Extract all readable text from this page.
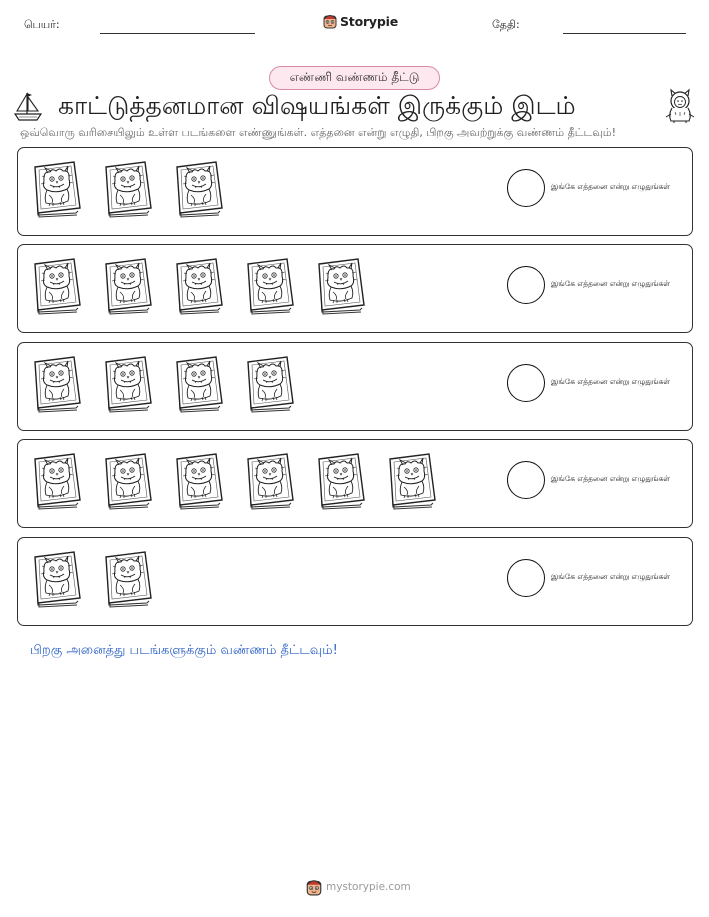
பெயர்:	Storypie	தேதி:
எண்ணி வண்ணம் தீட்டு
காட்டுத்தனமான விஷயங்கள் இருக்கும் இடம்
ஒவ்வொரு வரிசையிலும் உள்ள படங்களை எண்ணுங்கள். எத்தனை என்று எழுதி, பிறகு அவற்றுக்கு வண்ணம் தீட்டவும்!
இங்கே எத்தனை என்று எழுதுங்கள்
இங்கே எத்தனை என்று எழுதுங்கள்
இங்கே எத்தனை என்று எழுதுங்கள்
இங்கே எத்தனை என்று எழுதுங்கள்
இங்கே எத்தனை என்று எழுதுங்கள்
பிறகு அனைத்து படங்களுக்கும் வண்ணம் தீட்டவும்!
mystorypie.com
